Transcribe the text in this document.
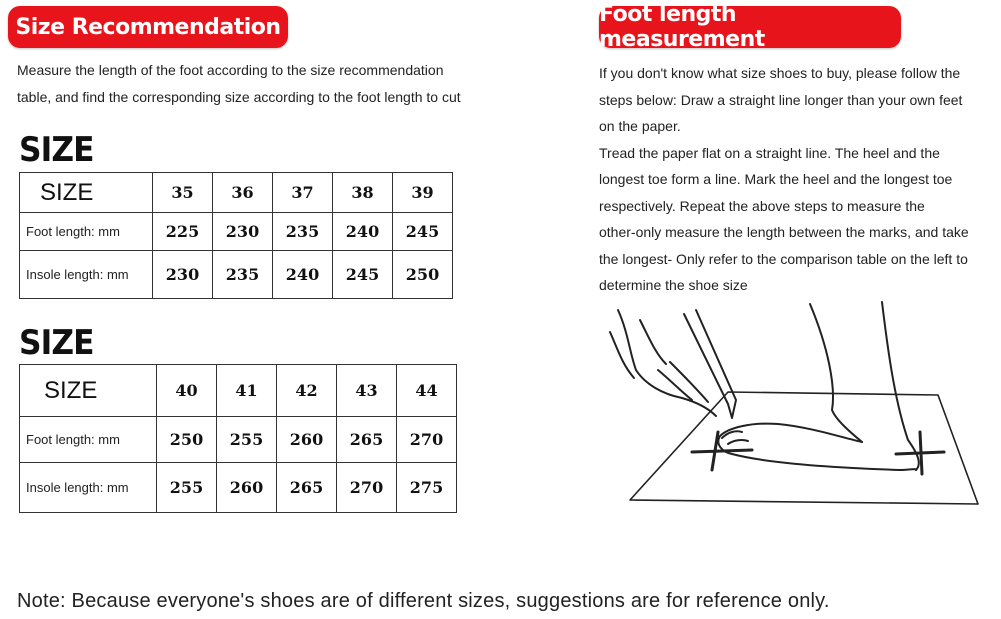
Size Recommendation
Measure the length of the foot according to the size recommendation
table, and find the corresponding size according to the foot length to cut
Foot length measurement
If you don't know what size shoes to buy, please follow the
steps below: Draw a straight line longer than your own feet
on the paper.
Tread the paper flat on a straight line. The heel and the
longest toe form a line. Mark the heel and the longest toe
respectively. Repeat the above steps to measure the
other-only measure the length between the marks, and take
the longest- Only refer to the comparison table on the left to
determine the shoe size
SIZE
SIZE	35	36	37	38	39
Foot length: mm	225	230	235	240	245
Insole length: mm	230	235	240	245	250
SIZE
SIZE	40	41	42	43	44
Foot length: mm	250	255	260	265	270
Insole length: mm	255	260	265	270	275
Note: Because everyone's shoes are of different sizes, suggestions are for reference only.
